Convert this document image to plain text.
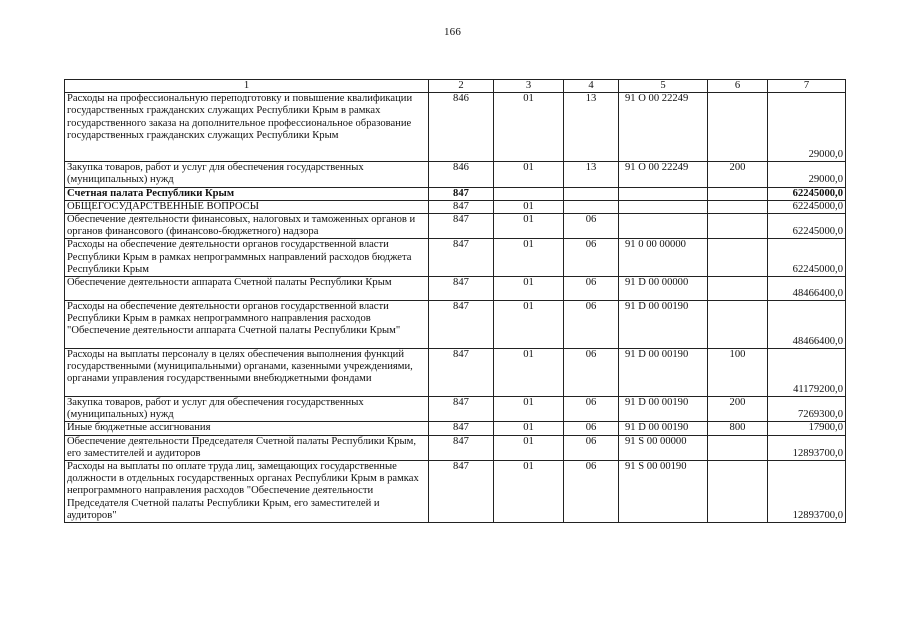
166
1	2	3	4	5	6	7
Расходы на профессиональную переподготовку и повышение квалификации государственных гражданских служащих Республики Крым в рамках государственного заказа на дополнительное профессиональное образование государственных гражданских служащих Республики Крым	846	01	13	91 О 00 22249		29000,0
Закупка товаров, работ и услуг для обеспечения государственных (муниципальных) нужд	846	01	13	91 О 00 22249	200	29000,0
Счетная палата Республики Крым	847					62245000,0
ОБЩЕГОСУДАРСТВЕННЫЕ ВОПРОСЫ	847	01				62245000,0
Обеспечение деятельности финансовых, налоговых и таможенных органов и органов финансового (финансово-бюджетного) надзора	847	01	06			62245000,0
Расходы на обеспечение деятельности органов государственной власти Республики Крым в рамках непрограммных направлений расходов бюджета Республики Крым	847	01	06	91 0 00 00000		62245000,0
Обеспечение деятельности аппарата Счетной палаты Республики Крым	847	01	06	91 D 00 00000		48466400,0
Расходы на обеспечение деятельности органов государственной власти Республики Крым в рамках непрограммного направления расходов "Обеспечение деятельности аппарата Счетной палаты Республики Крым"	847	01	06	91 D 00 00190		48466400,0
Расходы на выплаты персоналу в целях обеспечения выполнения функций государственными (муниципальными) органами, казенными учреждениями, органами управления государственными внебюджетными фондами	847	01	06	91 D 00 00190	100	41179200,0
Закупка товаров, работ и услуг для обеспечения государственных (муниципальных) нужд	847	01	06	91 D 00 00190	200	7269300,0
Иные бюджетные ассигнования	847	01	06	91 D 00 00190	800	17900,0
Обеспечение деятельности Председателя Счетной палаты Республики Крым, его заместителей и аудиторов	847	01	06	91 S 00 00000		12893700,0
Расходы на выплаты по оплате труда лиц, замещающих государственные должности в отдельных государственных органах Республики Крым в рамках непрограммного направления расходов "Обеспечение деятельности Председателя Счетной палаты Республики Крым, его заместителей и аудиторов"	847	01	06	91 S 00 00190		12893700,0
